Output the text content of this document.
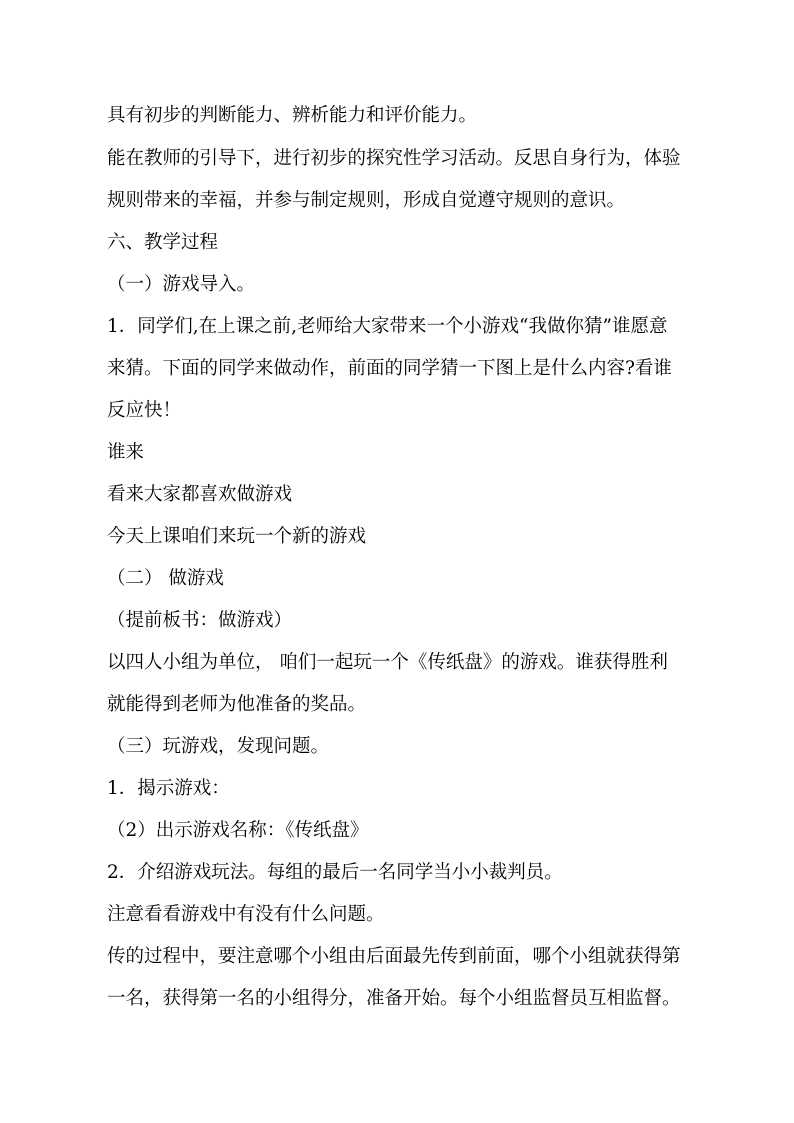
具有初步的判断能力、辨析能力和评价能力。

能在教师的引导下，进行初步的探究性学习活动。反思自身行为，体验

规则带来的幸福，并参与制定规则，形成自觉遵守规则的意识。

六、教学过程

（一）游戏导入。

1．同学们,在上课之前,老师给大家带来一个小游戏“我做你猜”谁愿意

来猜。下面的同学来做动作，前面的同学猜一下图上是什么内容?看谁

反应快！

谁来

看来大家都喜欢做游戏

今天上课咱们来玩一个新的游戏

（二） 做游戏

（提前板书：做游戏）

以四人小组为单位， 咱们一起玩一个《传纸盘》的游戏。谁获得胜利

就能得到老师为他准备的奖品。

（三）玩游戏，发现问题。

1．揭示游戏：

（2）出示游戏名称：《传纸盘》

2．介绍游戏玩法。每组的最后一名同学当小小裁判员。

注意看看游戏中有没有什么问题。

传的过程中，要注意哪个小组由后面最先传到前面，哪个小组就获得第

一名，获得第一名的小组得分，准备开始。每个小组监督员互相监督。
